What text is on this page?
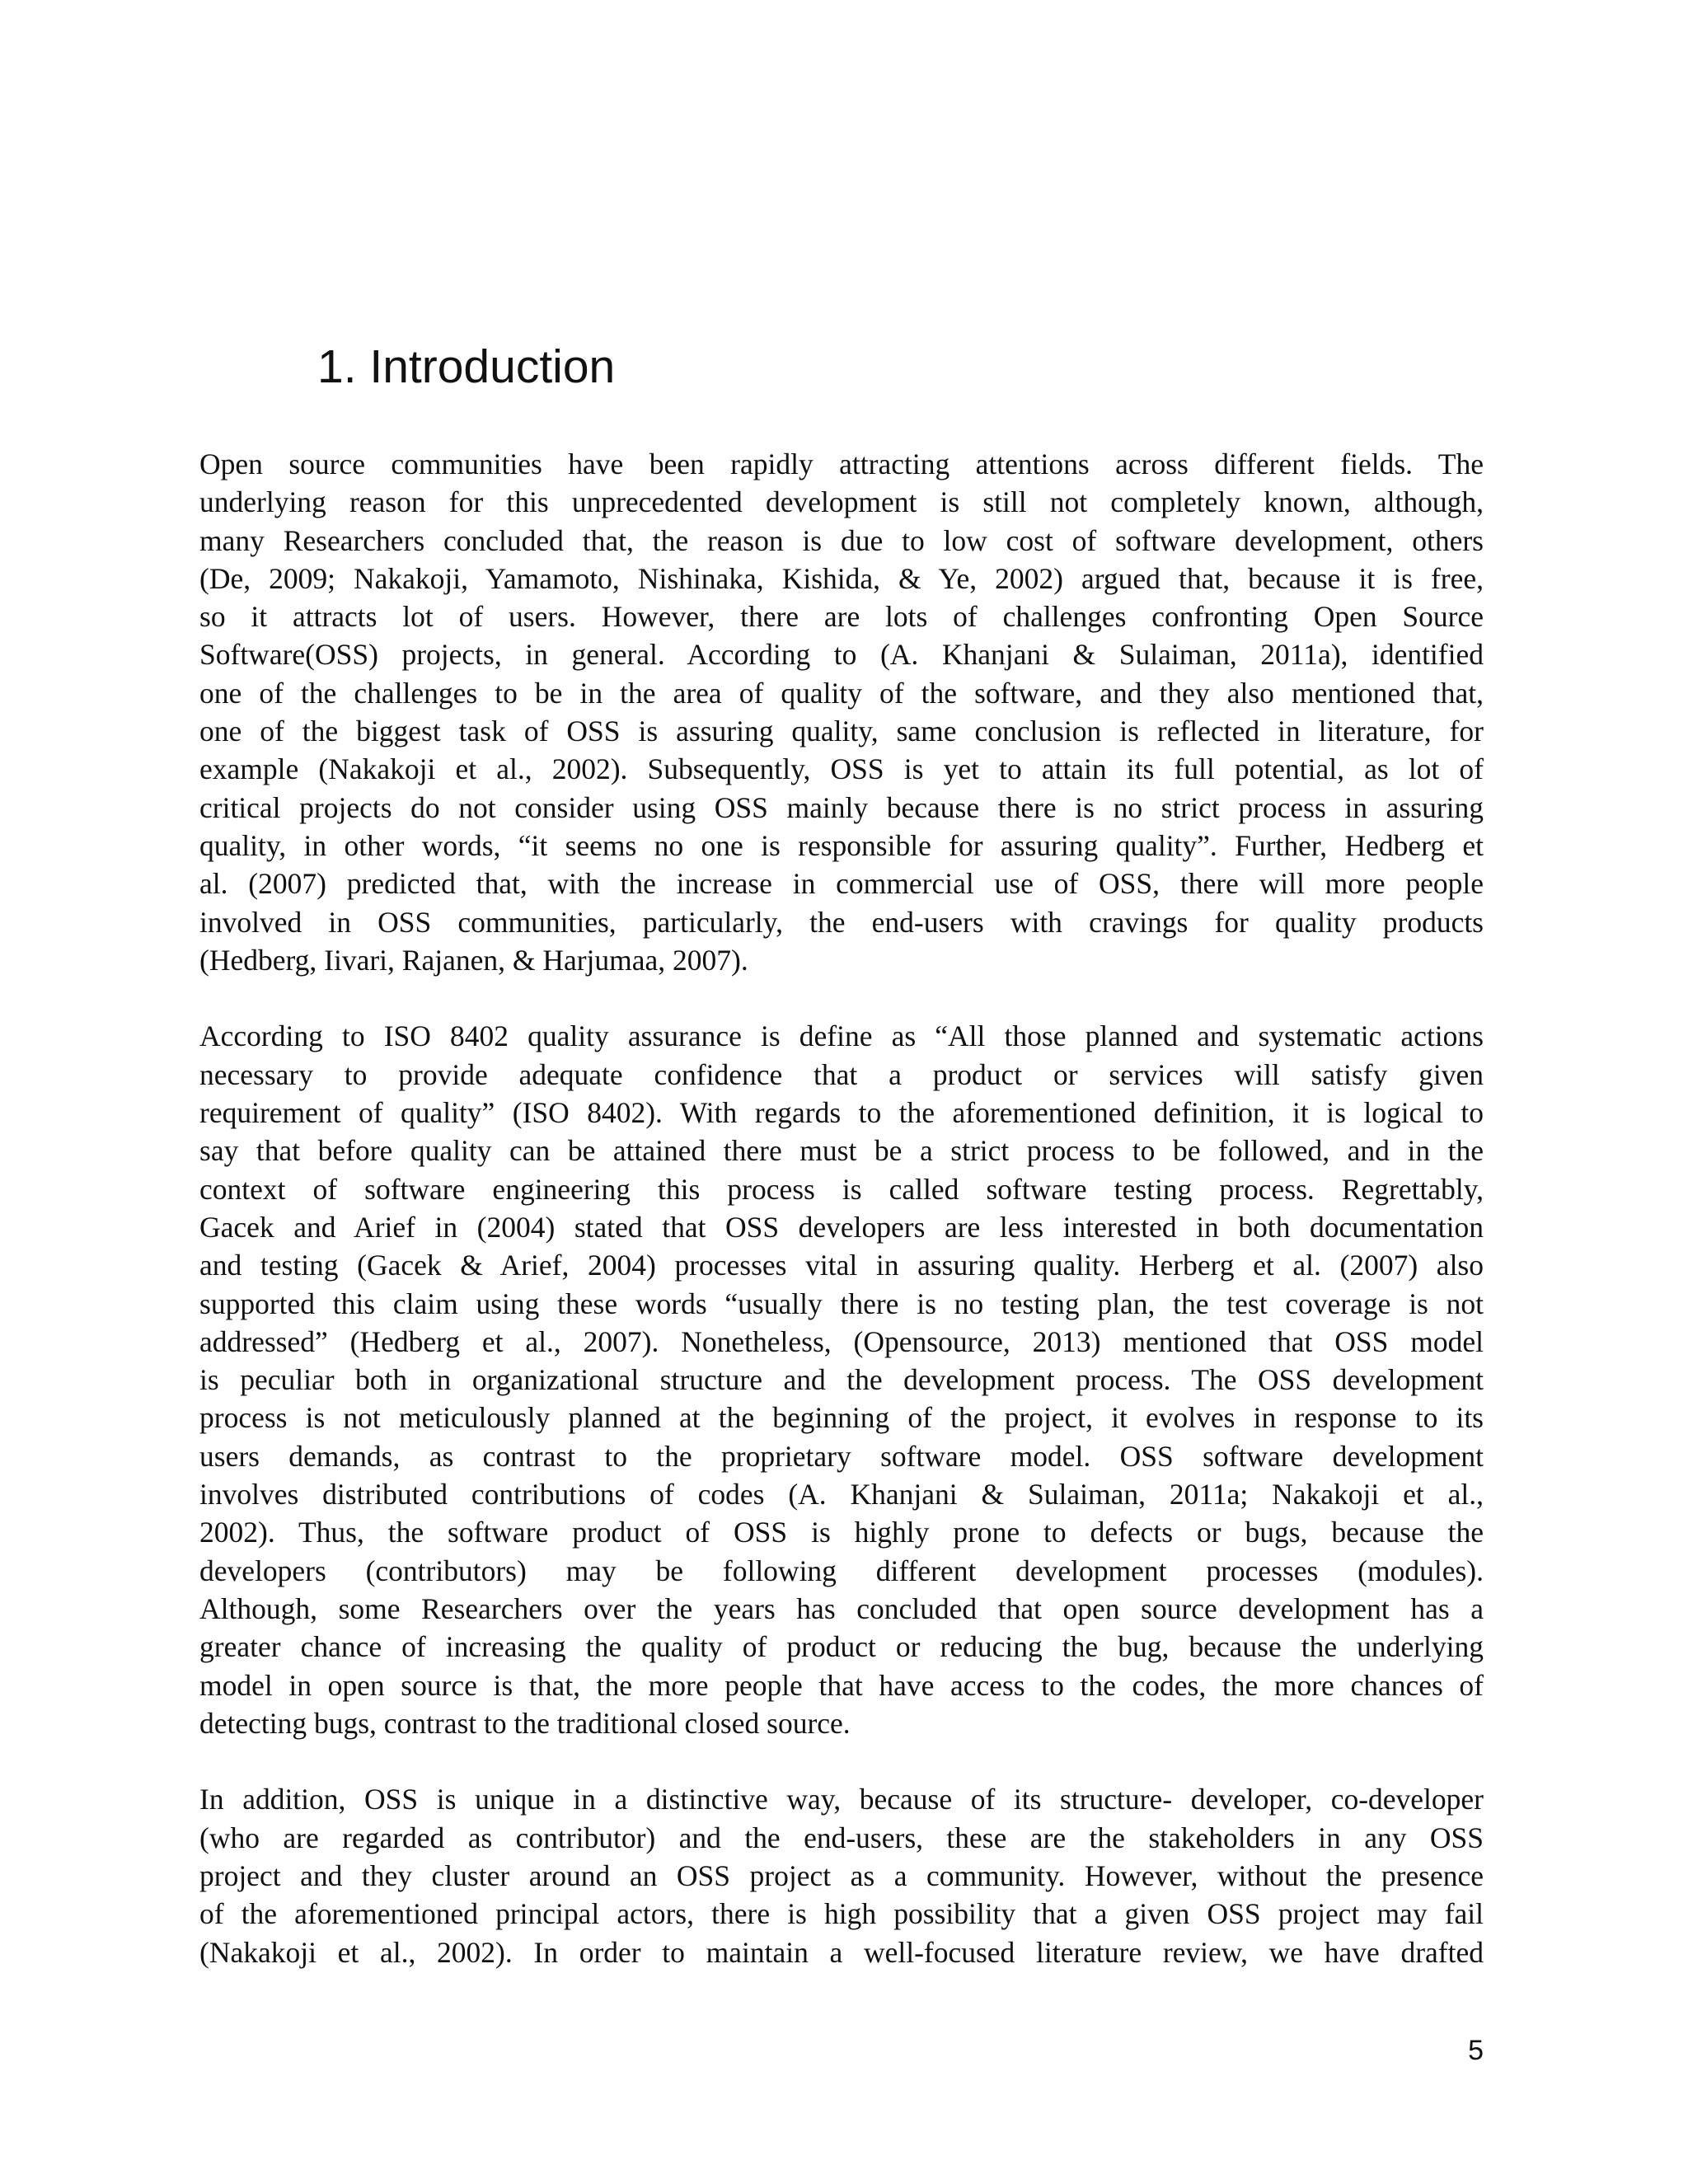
1. Introduction
Open source communities have been rapidly attracting attentions across different fields. The
underlying reason for this unprecedented development is still not completely known, although,
many Researchers concluded that, the reason is due to low cost of software development, others
(De, 2009; Nakakoji, Yamamoto, Nishinaka, Kishida, & Ye, 2002) argued that, because it is free,
so it attracts lot of users. However, there are lots of challenges confronting Open Source
Software(OSS) projects, in general. According to (A. Khanjani & Sulaiman, 2011a), identified
one of the challenges to be in the area of quality of the software, and they also mentioned that,
one of the biggest task of OSS is assuring quality, same conclusion is reflected in literature, for
example (Nakakoji et al., 2002). Subsequently, OSS is yet to attain its full potential, as lot of
critical projects do not consider using OSS mainly because there is no strict process in assuring
quality, in other words, “it seems no one is responsible for assuring quality”. Further, Hedberg et
al. (2007) predicted that, with the increase in commercial use of OSS, there will more people
involved in OSS communities, particularly, the end-users with cravings for quality products
(Hedberg, Iivari, Rajanen, & Harjumaa, 2007).
According to ISO 8402 quality assurance is define as “All those planned and systematic actions
necessary to provide adequate confidence that a product or services will satisfy given
requirement of quality” (ISO 8402). With regards to the aforementioned definition, it is logical to
say that before quality can be attained there must be a strict process to be followed, and in the
context of software engineering this process is called software testing process. Regrettably,
Gacek and Arief in (2004) stated that OSS developers are less interested in both documentation
and testing (Gacek & Arief, 2004) processes vital in assuring quality. Herberg et al. (2007) also
supported this claim using these words “usually there is no testing plan, the test coverage is not
addressed” (Hedberg et al., 2007). Nonetheless, (Opensource, 2013) mentioned that OSS model
is peculiar both in organizational structure and the development process. The OSS development
process is not meticulously planned at the beginning of the project, it evolves in response to its
users demands, as contrast to the proprietary software model. OSS software development
involves distributed contributions of codes (A. Khanjani & Sulaiman, 2011a; Nakakoji et al.,
2002). Thus, the software product of OSS is highly prone to defects or bugs, because the
developers (contributors) may be following different development processes (modules).
Although, some Researchers over the years has concluded that open source development has a
greater chance of increasing the quality of product or reducing the bug, because the underlying
model in open source is that, the more people that have access to the codes, the more chances of
detecting bugs, contrast to the traditional closed source.
In addition, OSS is unique in a distinctive way, because of its structure- developer, co-developer
(who are regarded as contributor) and the end-users, these are the stakeholders in any OSS
project and they cluster around an OSS project as a community. However, without the presence
of the aforementioned principal actors, there is high possibility that a given OSS project may fail
(Nakakoji et al., 2002). In order to maintain a well-focused literature review, we have drafted
5
